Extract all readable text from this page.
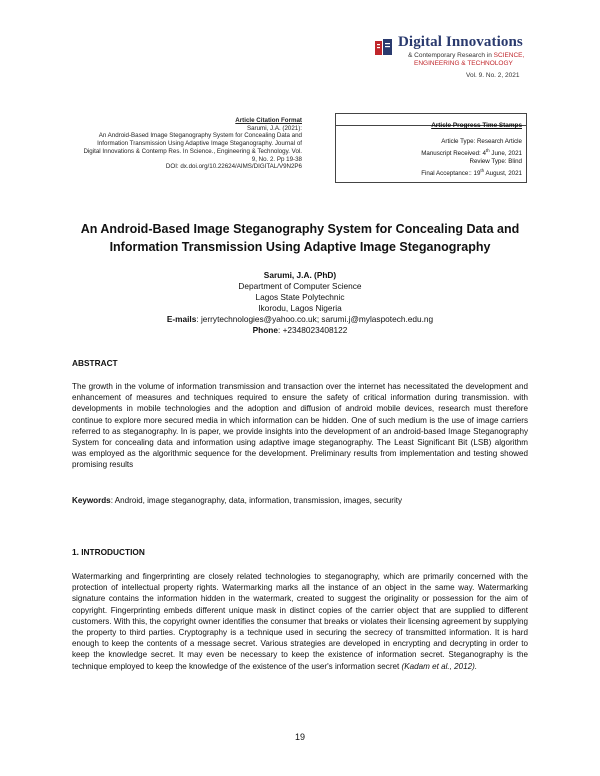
Digital Innovations
& Contemporary Research in SCIENCE,
ENGINEERING & TECHNOLOGY
Vol. 9. No. 2, 2021
Article Citation Format
Sarumi, J.A. (2021):
An Android-Based Image Steganography System for Concealing Data and
Information Transmission Using Adaptive Image Steganography. Journal of
Digital Innovations & Contemp Res. In Science., Engineering & Technology. Vol.
9, No. 2. Pp 19-38
DOI: dx.doi.org/10.22624/AIMS/DIGITAL/V9N2P6
Article Progress Time Stamps
Article Type: Research Article
Manuscript Received: 4th June, 2021
Review Type: Blind
Final Acceptance:: 19th August, 2021
An Android-Based Image Steganography System for Concealing Data and
Information Transmission Using Adaptive Image Steganography
Sarumi, J.A. (PhD)
Department of Computer Science
Lagos State Polytechnic
Ikorodu, Lagos Nigeria
E-mails: jerrytechnologies@yahoo.co.uk; sarumi.j@mylaspotech.edu.ng
Phone: +2348023408122
ABSTRACT
The growth in the volume of information transmission and transaction over the internet has necessitated the development and enhancement of measures and techniques required to ensure the safety of critical information during transmission. with developments in mobile technologies and the adoption and diffusion of android mobile devices, research must therefore continue to explore more secured media in which information can be hidden. One of such medium is the use of image carriers referred to as steganography. In is paper, we provide insights into the development of an android-based Image Steganography System for concealing data and information using adaptive image steganography. The Least Significant Bit (LSB) algorithm was employed as the algorithmic sequence for the development. Preliminary results from implementation and testing showed promising results
Keywords: Android, image steganography, data, information, transmission, images, security
1. INTRODUCTION
Watermarking and fingerprinting are closely related technologies to steganography, which are primarily concerned with the protection of intellectual property rights. Watermarking marks all the instance of an object in the same way. Watermarking signature contains the information hidden in the watermark, created to suggest the originality or possession for the aim of copyright. Fingerprinting embeds different unique mask in distinct copies of the carrier object that are supplied to different customers. With this, the copyright owner identifies the consumer that breaks or violates their licensing agreement by supplying the property to third parties. Cryptography is a technique used in securing the secrecy of transmitted information. It is hard enough to keep the contents of a message secret. Various strategies are developed in encrypting and decrypting in order to keep the knowledge secret. It may even be necessary to keep the existence of information secret. Steganography is the technique employed to keep the knowledge of the existence of the user's information secret (Kadam et al., 2012).
19
